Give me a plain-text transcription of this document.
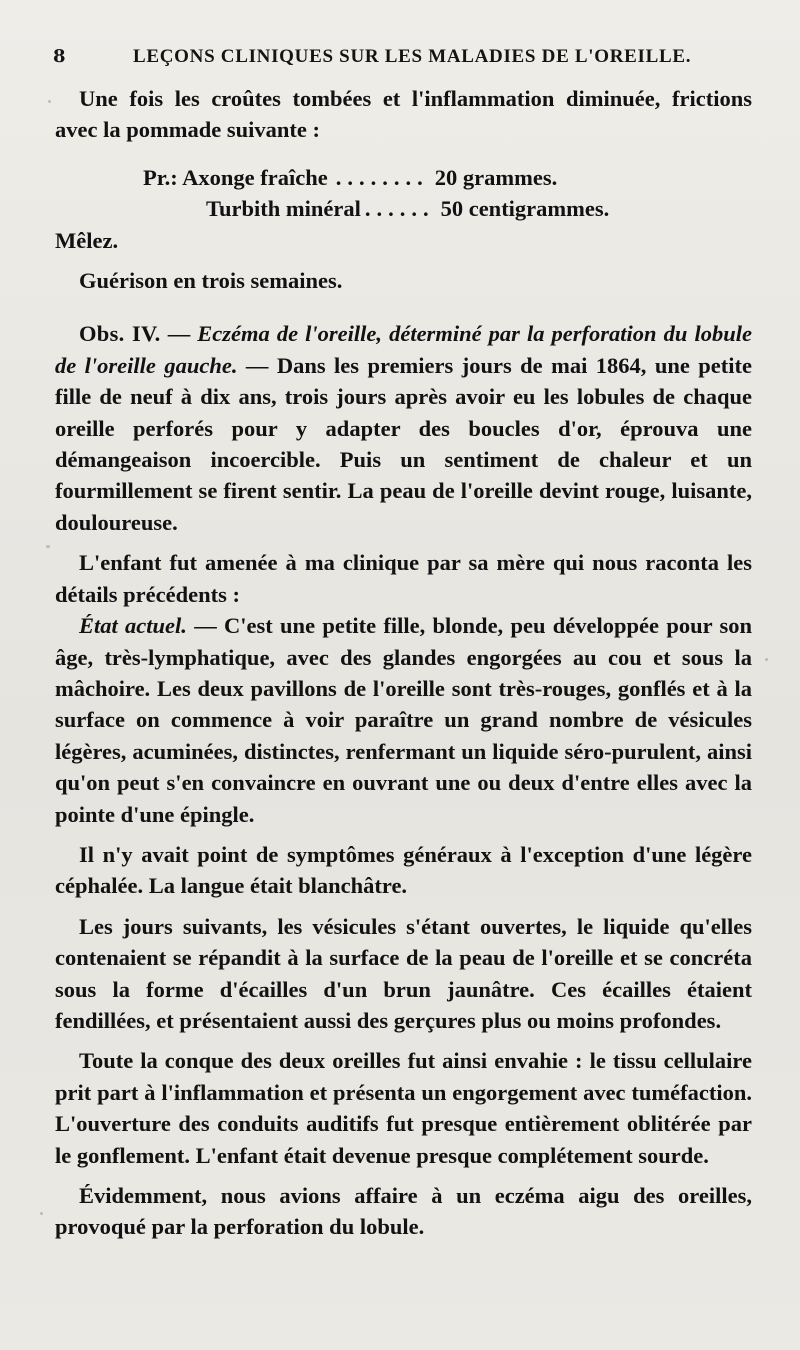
8	LEÇONS CLINIQUES SUR LES MALADIES DE L'OREILLE.

Une fois les croûtes tombées et l'inflammation diminuée, frictions avec la pommade suivante :

Pr.: Axonge fraîche ........ 20 grammes.
Turbith minéral ...... 50 centigrammes.

Mêlez.

Guérison en trois semaines.

Obs. IV. — Eczéma de l'oreille, déterminé par la perforation du lobule de l'oreille gauche. — Dans les premiers jours de mai 1864, une petite fille de neuf à dix ans, trois jours après avoir eu les lobules de chaque oreille perforés pour y adapter des boucles d'or, éprouva une démangeaison incoercible. Puis un sentiment de chaleur et un fourmillement se firent sentir. La peau de l'oreille devint rouge, luisante, douloureuse.

L'enfant fut amenée à ma clinique par sa mère qui nous raconta les détails précédents :

État actuel. — C'est une petite fille, blonde, peu développée pour son âge, très-lymphatique, avec des glandes engorgées au cou et sous la mâchoire. Les deux pavillons de l'oreille sont très-rouges, gonflés et à la surface on commence à voir paraître un grand nombre de vésicules légères, acuminées, distinctes, renfermant un liquide séro-purulent, ainsi qu'on peut s'en convaincre en ouvrant une ou deux d'entre elles avec la pointe d'une épingle.

Il n'y avait point de symptômes généraux à l'exception d'une légère céphalée. La langue était blanchâtre.

Les jours suivants, les vésicules s'étant ouvertes, le liquide qu'elles contenaient se répandit à la surface de la peau de l'oreille et se concréta sous la forme d'écailles d'un brun jaunâtre. Ces écailles étaient fendillées, et présentaient aussi des gerçures plus ou moins profondes.

Toute la conque des deux oreilles fut ainsi envahie : le tissu cellulaire prit part à l'inflammation et présenta un engorgement avec tuméfaction. L'ouverture des conduits auditifs fut presque entièrement oblitérée par le gonflement. L'enfant était devenue presque complétement sourde.

Évidemment, nous avions affaire à un eczéma aigu des oreilles, provoqué par la perforation du lobule.
